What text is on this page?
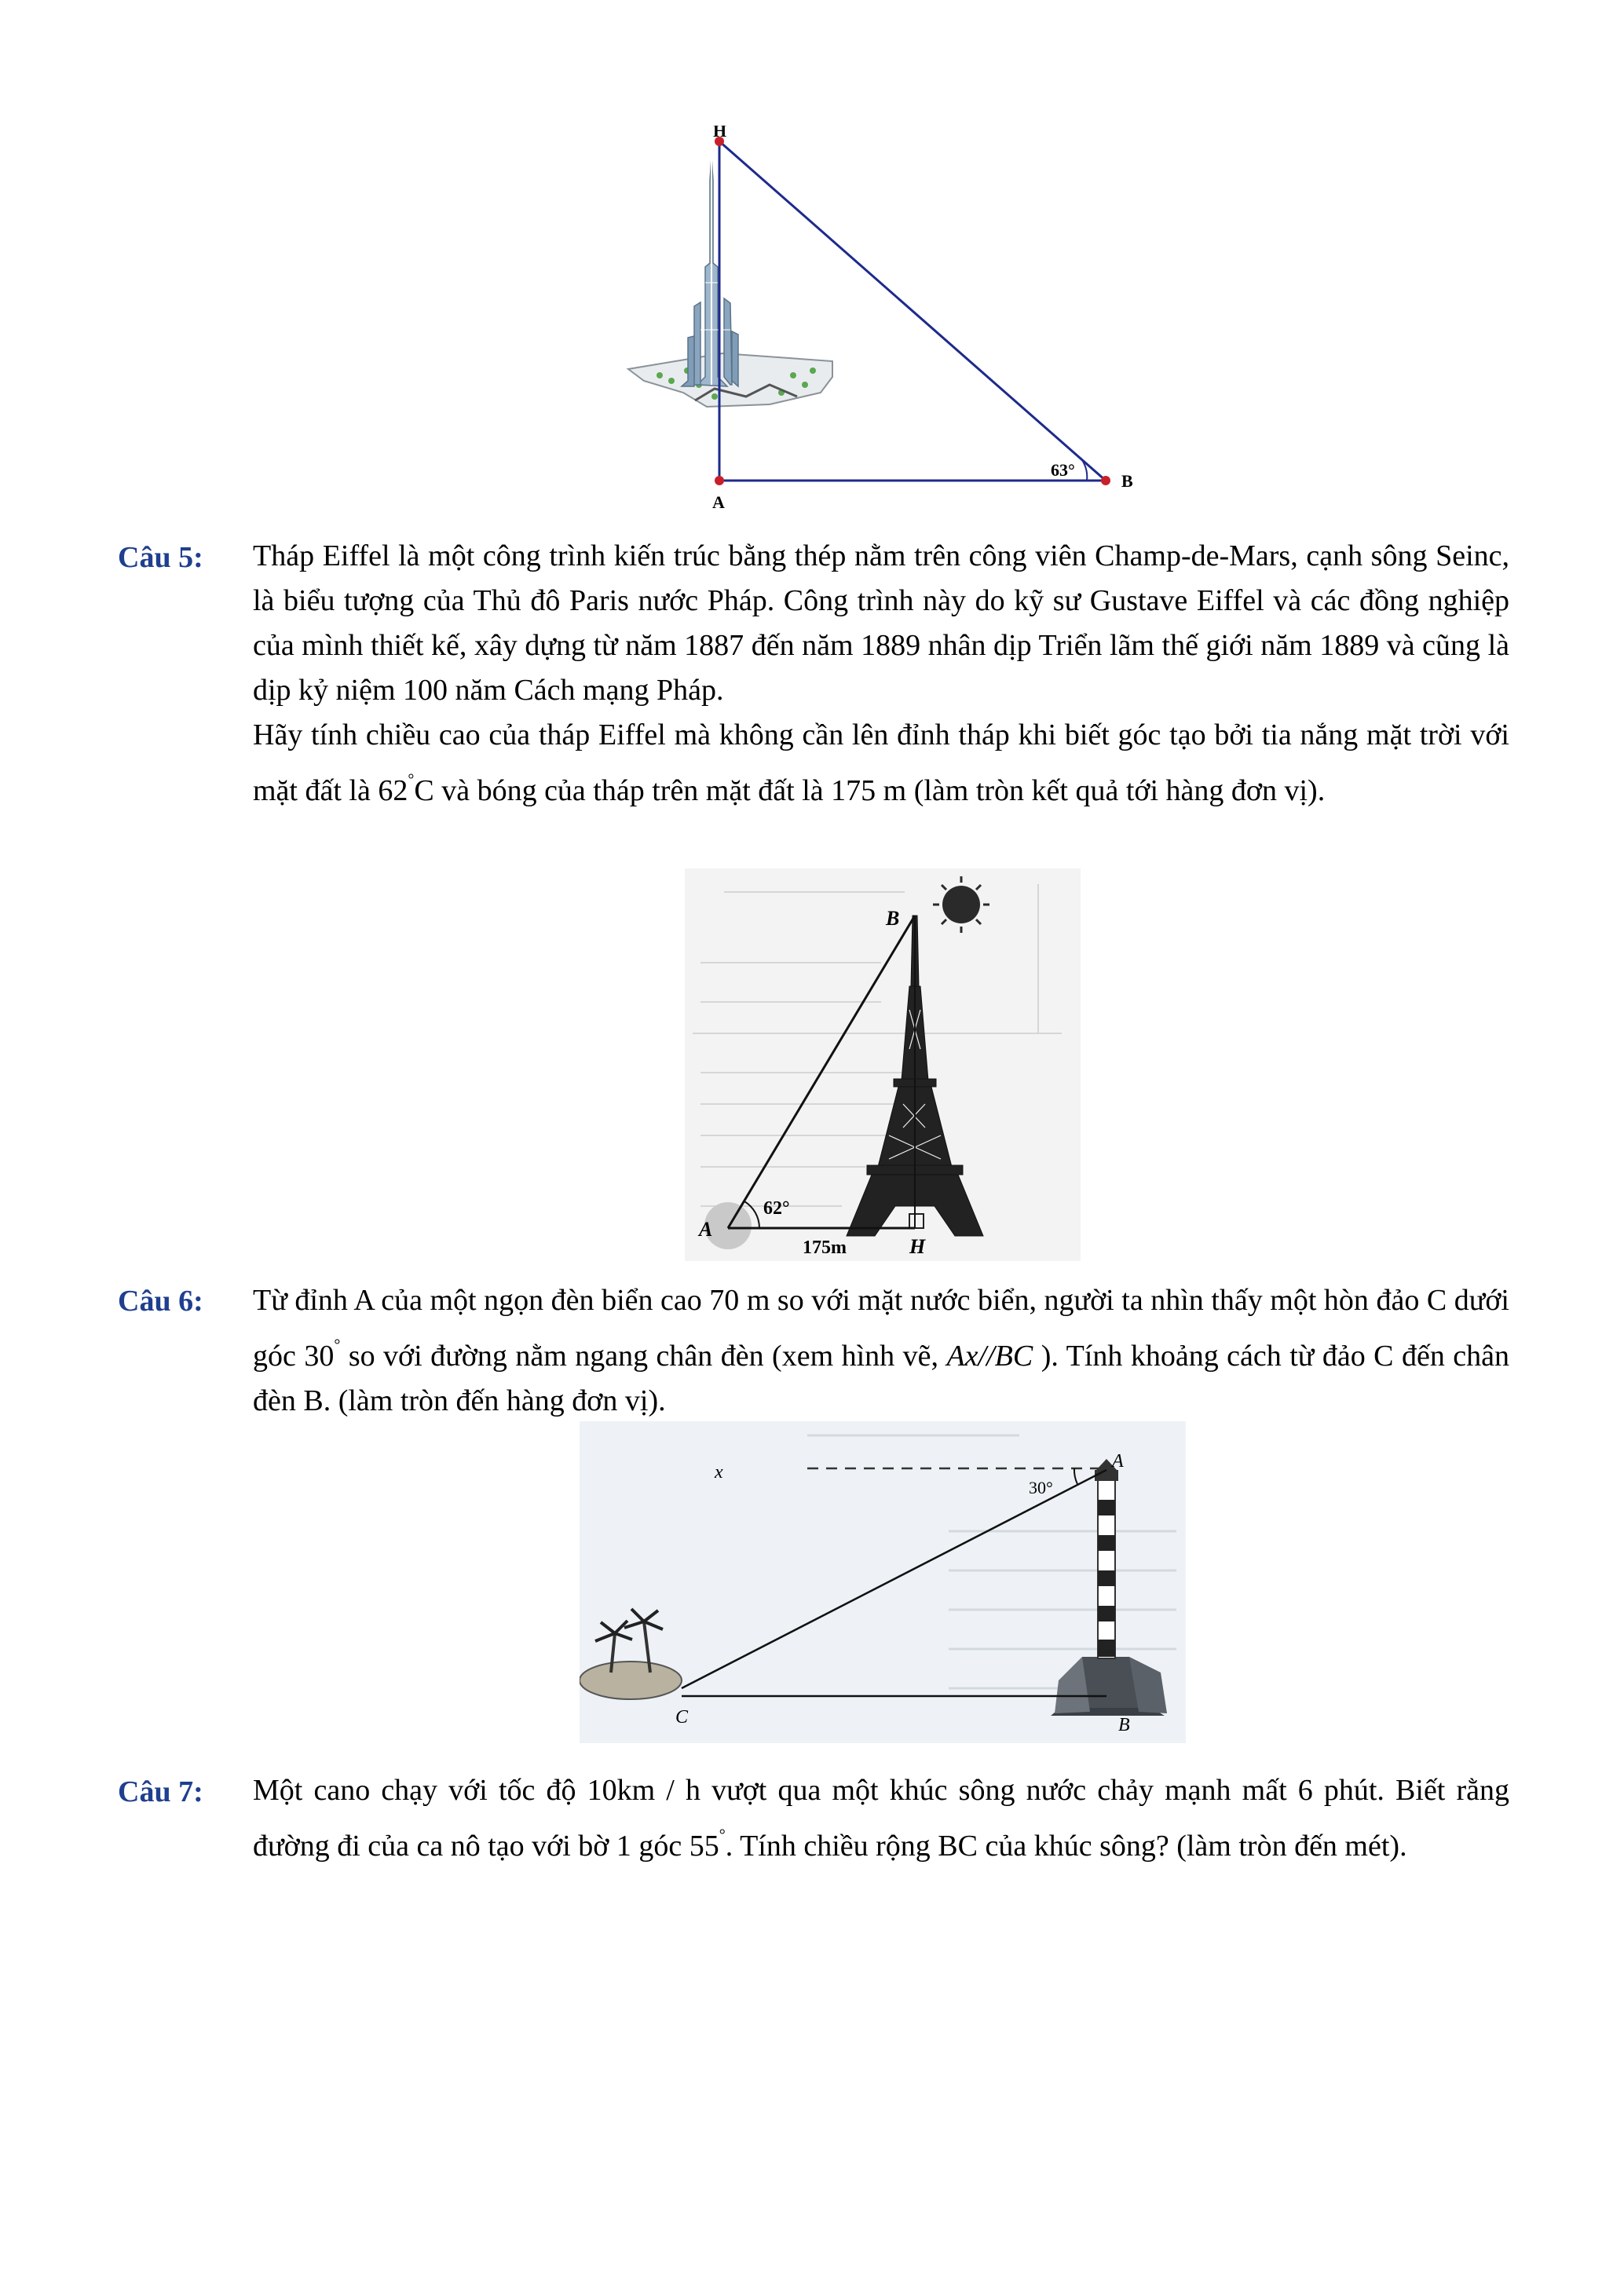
H
A
B
63°
Câu 5: Tháp Eiffel là một công trình kiến trúc bằng thép nằm trên công viên Champ-de-Mars, cạnh sông Seinc, là biểu tượng của Thủ đô Paris nước Pháp. Công trình này do kỹ sư Gustave Eiffel và các đồng nghiệp của mình thiết kế, xây dựng từ năm 1887 đến năm 1889 nhân dịp Triển lãm thế giới năm 1889 và cũng là dịp kỷ niệm 100 năm Cách mạng Pháp.

Hãy tính chiều cao của tháp Eiffel mà không cần lên đỉnh tháp khi biết góc tạo bởi tia nắng mặt trời với mặt đất là 62°C và bóng của tháp trên mặt đất là 175 m (làm tròn kết quả tới hàng đơn vị).

B
A
H
62°
175m
Câu 6: Từ đỉnh A của một ngọn đèn biển cao 70 m so với mặt nước biển, người ta nhìn thấy một hòn đảo C dưới góc 30° so với đường nằm ngang chân đèn (xem hình vẽ, Ax//BC ). Tính khoảng cách từ đảo C đến chân đèn B. (làm tròn đến hàng đơn vị).

x
A
C	B
30°
Câu 7: Một cano chạy với tốc độ 10km / h vượt qua một khúc sông nước chảy mạnh mất 6 phút. Biết rằng đường đi của ca nô tạo với bờ 1 góc 55°. Tính chiều rộng BC của khúc sông? (làm tròn đến mét).
